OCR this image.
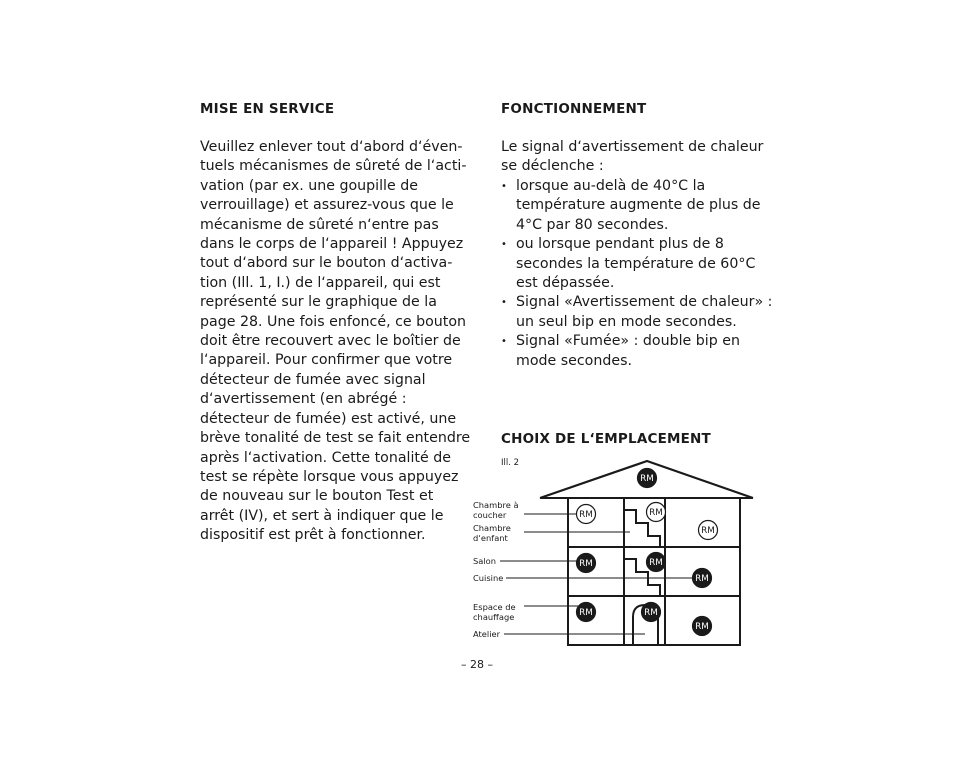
MISE EN SERVICE
Veuillez enlever tout d‘abord d‘éven-
tuels mécanismes de sûreté de l‘acti-
vation (par ex. une goupille de
verrouillage) et assurez-vous que le
mécanisme de sûreté n‘entre pas
dans le corps de l‘appareil ! Appuyez
tout d‘abord sur le bouton d‘activa-
tion (Ill. 1, I.) de l‘appareil, qui est
représenté sur le graphique de la
page 28. Une fois enfoncé, ce bouton
doit être recouvert avec le boîtier de
l‘appareil. Pour confirmer que votre
détecteur de fumée avec signal
d‘avertissement (en abrégé :
détecteur de fumée) est activé, une
brève tonalité de test se fait entendre
après l‘activation. Cette tonalité de
test se répète lorsque vous appuyez
de nouveau sur le bouton Test et
arrêt (IV), et sert à indiquer que le
dispositif est prêt à fonctionner.
FONCTIONNEMENT
Le signal d‘avertissement de chaleur
se déclenche :
• lorsque au-delà de 40°C la
température augmente de plus de
4°C par 80 secondes.
• ou lorsque pendant plus de 8
secondes la température de 60°C
est dépassée.
• Signal «Avertissement de chaleur» :
un seul bip en mode secondes.
• Signal «Fumée» : double bip en
mode secondes.
CHOIX DE L‘EMPLACEMENT
Ill. 2
Chambre à coucher
Chambre d‘enfant
Salon
Cuisine
Espace de chauffage
Atelier
RM
RM	RM
RM
RM	RM
RM
RM	RM
RM
– 28 –
